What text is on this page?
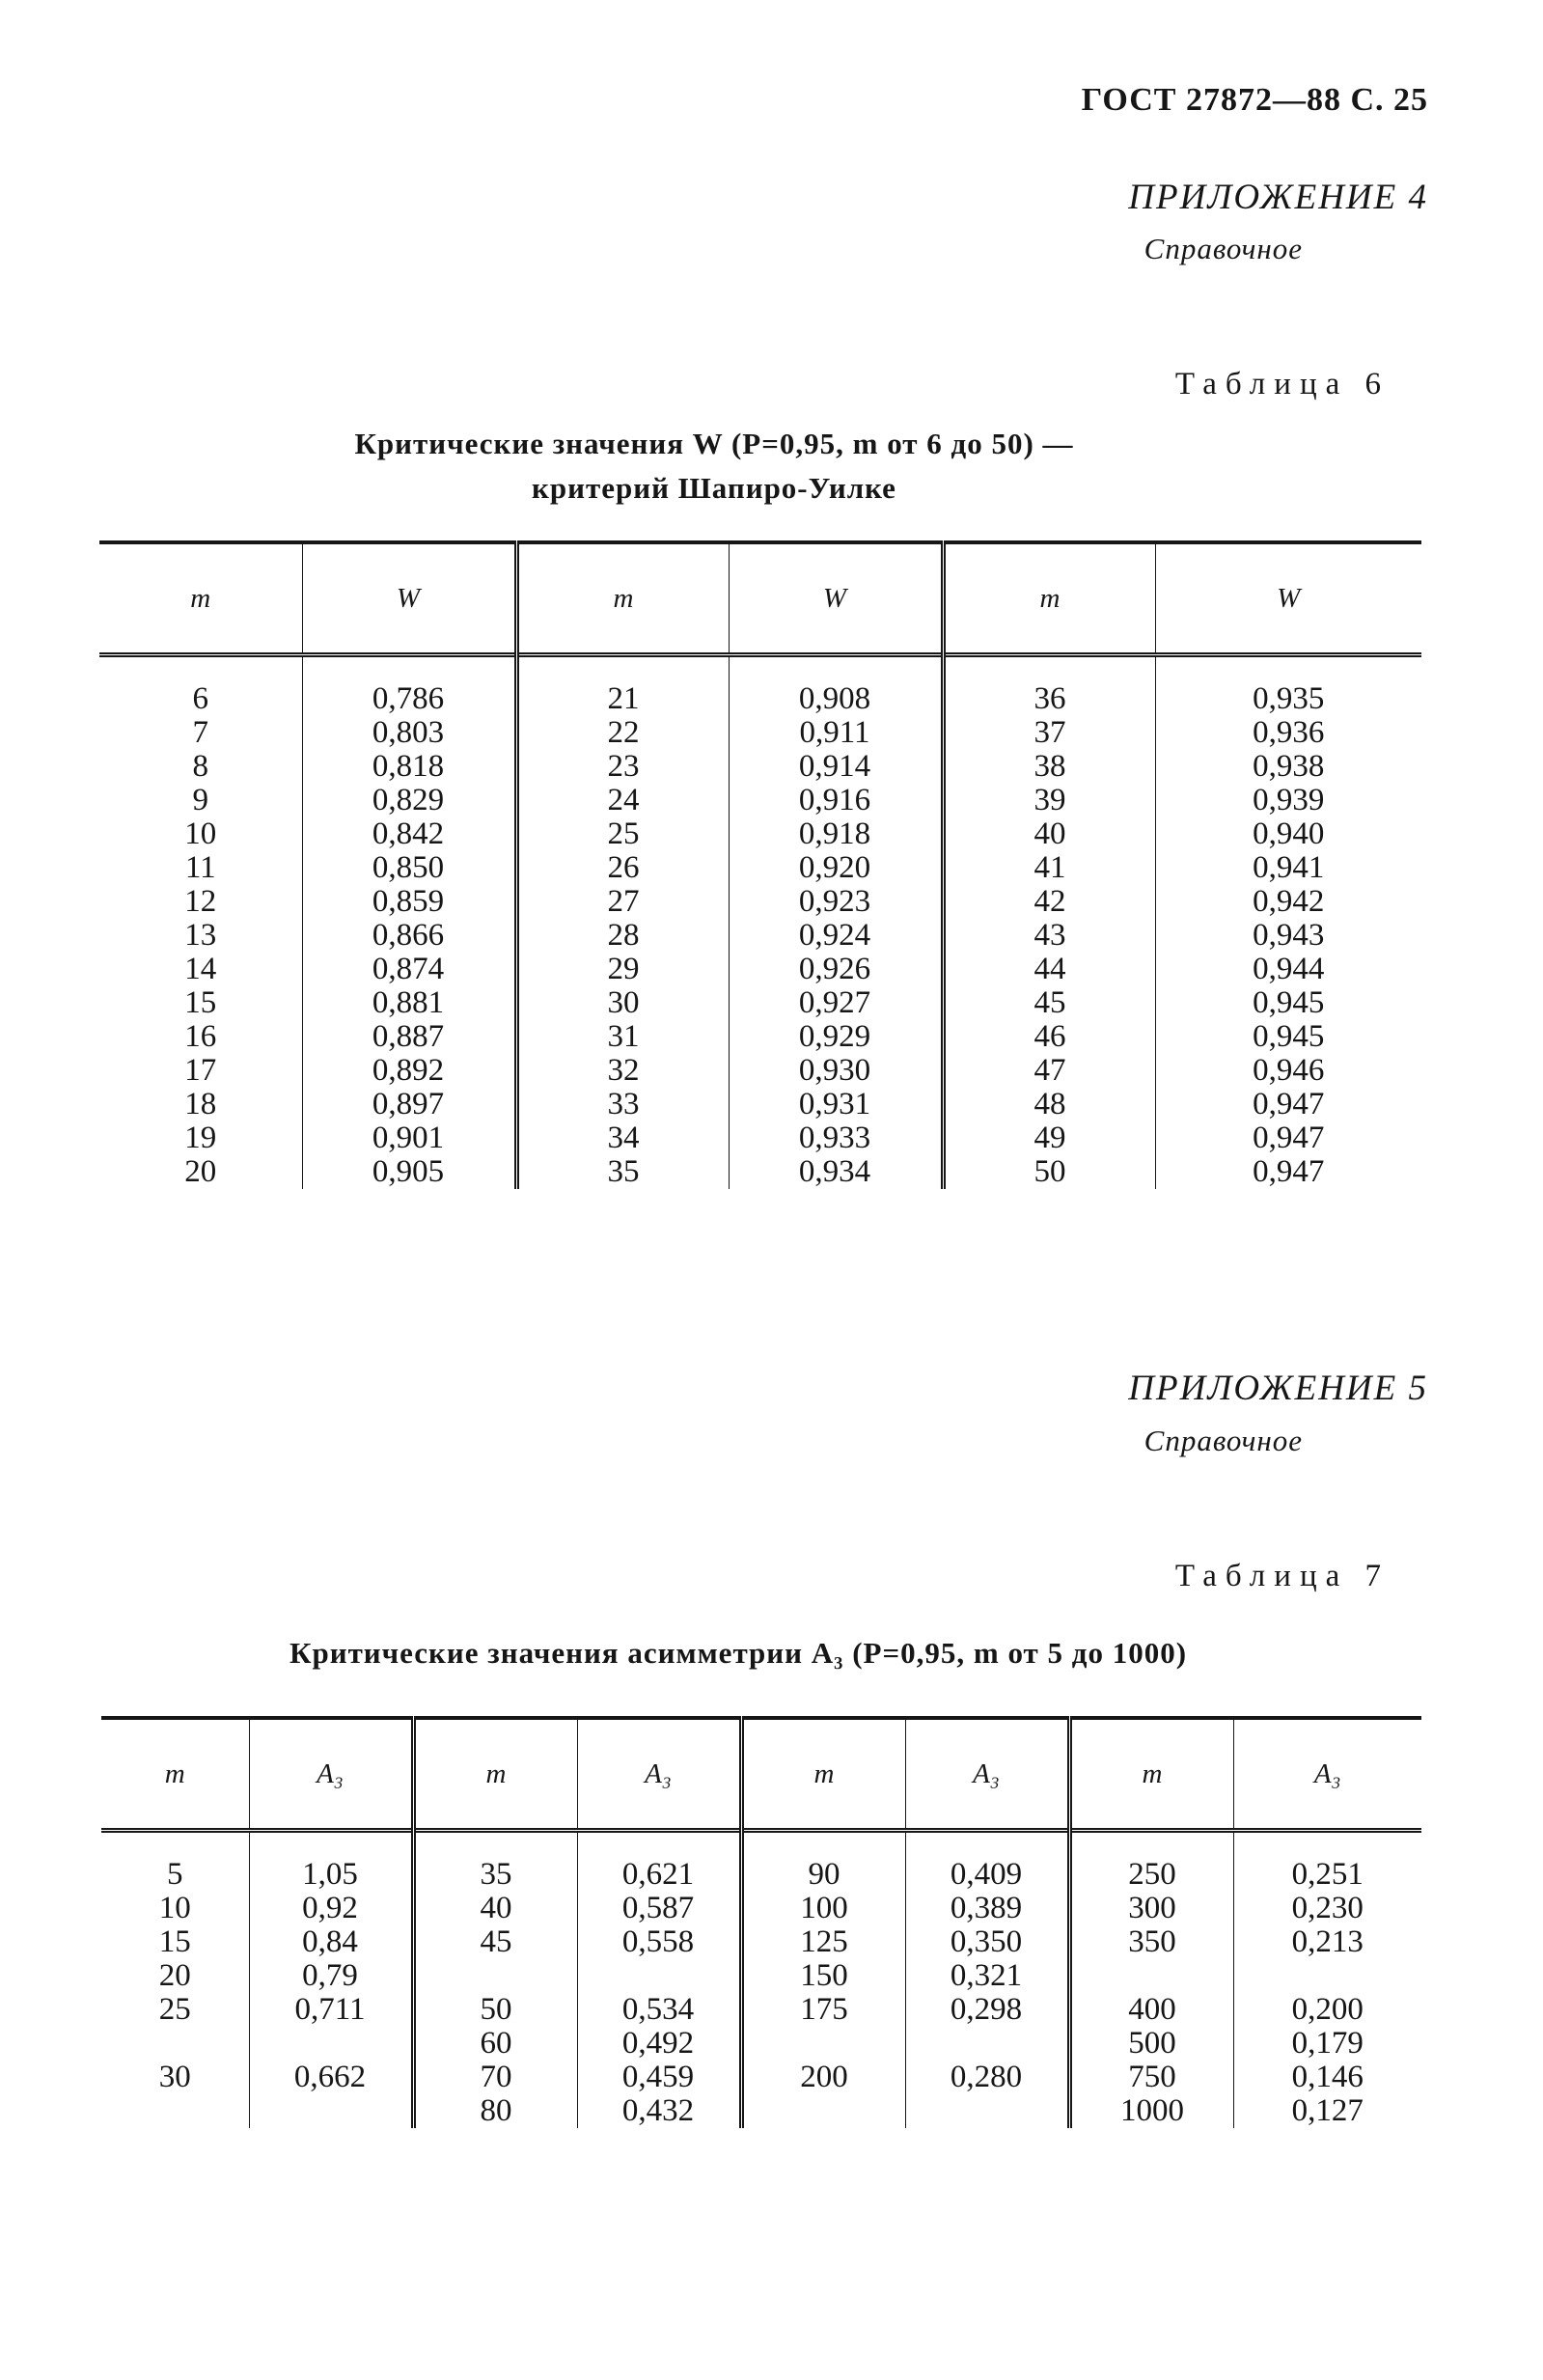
ГОСТ 27872—88 С. 25
ПРИЛОЖЕНИЕ 4
Справочное
Таблица 6
Критические значения W (P=0,95, m от 6 до 50) —
критерий Шапиро-Уилке
m	W	m	W	m	W

6	0,786	21	0,908	36	0,935
7	0,803	22	0,911	37	0,936
8	0,818	23	0,914	38	0,938
9	0,829	24	0,916	39	0,939
10	0,842	25	0,918	40	0,940
11	0,850	26	0,920	41	0,941
12	0,859	27	0,923	42	0,942
13	0,866	28	0,924	43	0,943
14	0,874	29	0,926	44	0,944
15	0,881	30	0,927	45	0,945
16	0,887	31	0,929	46	0,945
17	0,892	32	0,930	47	0,946
18	0,897	33	0,931	48	0,947
19	0,901	34	0,933	49	0,947
20	0,905	35	0,934	50	0,947
ПРИЛОЖЕНИЕ 5
Справочное
Таблица 7
Критические значения асимметрии A₃ (P=0,95, m от 5 до 1000)
m	A₃	m	A₃	m	A₃	m	A₃

5	1,05	35	0,621	90	0,409	250	0,251
10	0,92	40	0,587	100	0,389	300	0,230
15	0,84	45	0,558	125	0,350	350	0,213
20	0,79			150	0,321		
25	0,711	50	0,534	175	0,298	400	0,200
		60	0,492			500	0,179
30	0,662	70	0,459	200	0,280	750	0,146
		80	0,432			1000	0,127
